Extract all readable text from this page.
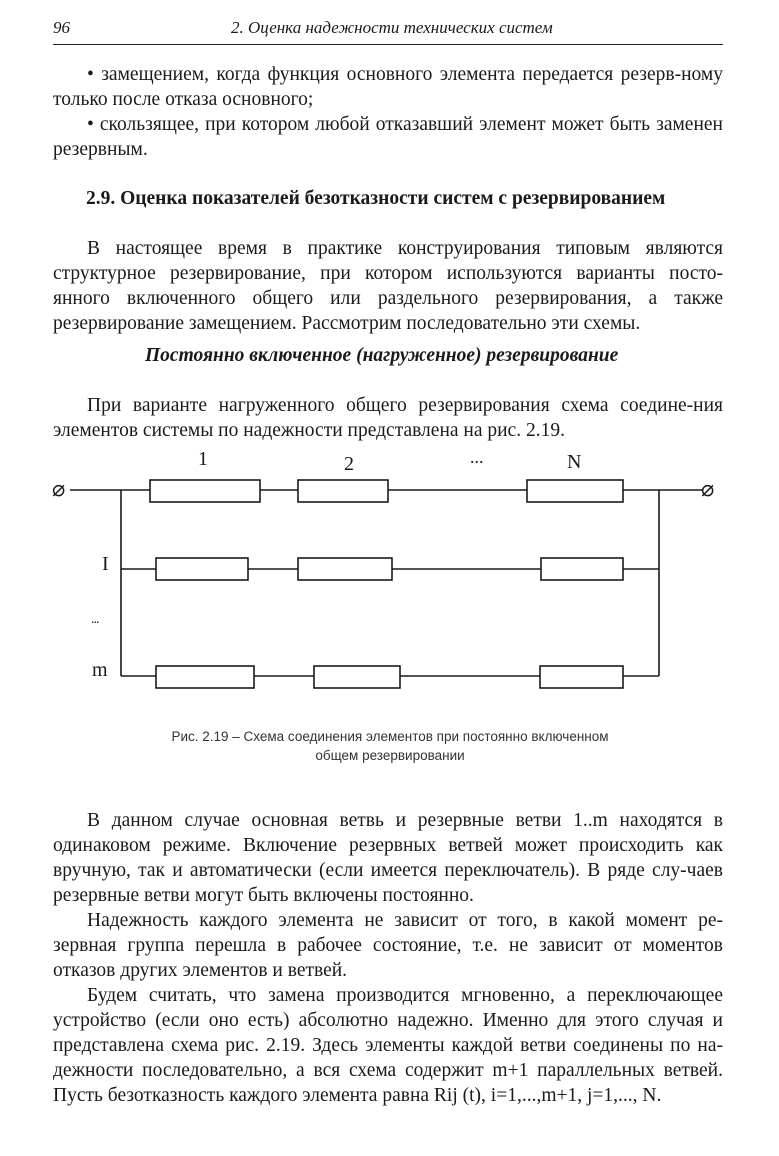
96	2. Оценка надежности технических систем

• замещением, когда функция основного элемента передается резерв-ному только после отказа основного;

• скользящее, при котором любой отказавший элемент может быть заменен резервным.

2.9. Оценка показателей безотказности систем с резервированием

В настоящее время в практике конструирования типовым являются структурное резервирование, при котором используются варианты посто-янного включенного общего или раздельного резервирования, а также резервирование замещением. Рассмотрим последовательно эти схемы.

Постоянно включенное (нагруженное) резервирование

При варианте нагруженного общего резервирования схема соедине-ния элементов системы по надежности представлена на рис. 2.19.

1	2	...	N
⌀	⌀
I
...
m
Рис. 2.19 – Схема соединения элементов при постоянно включенном
общем резервировании

В данном случае основная ветвь и резервные ветви 1..m находятся в одинаковом режиме. Включение резервных ветвей может происходить как вручную, так и автоматически (если имеется переключатель). В ряде слу-чаев резервные ветви могут быть включены постоянно.

Надежность каждого элемента не зависит от того, в какой момент ре-зервная группа перешла в рабочее состояние, т.е. не зависит от моментов отказов других элементов и ветвей.

Будем считать, что замена производится мгновенно, а переключающее устройство (если оно есть) абсолютно надежно. Именно для этого случая и представлена схема рис. 2.19. Здесь элементы каждой ветви соединены по на-дежности последовательно, а вся схема содержит m+1 параллельных ветвей. Пусть безотказность каждого элемента равна Rij (t), i=1,...,m+1, j=1,..., N.
